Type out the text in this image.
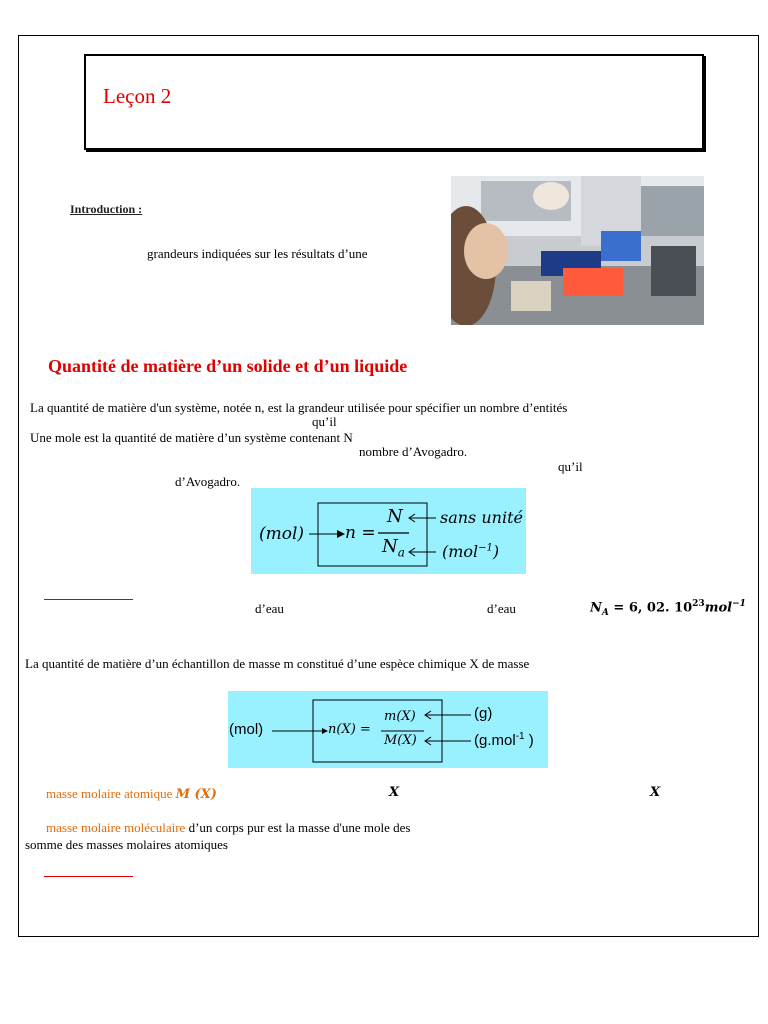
Leçon 2
Introduction :
grandeurs indiquées sur les résultats d’une
Quantité de matière d’un solide et d’un liquide
La quantité de matière d'un système, notée n, est la grandeur utilisée pour spécifier un nombre d’entités
qu’il
Une mole est la quantité de matière d’un système contenant N
nombre d’Avogadro.
qu’il
d’Avogadro.
(mol) n =
N
$N_a$
sans unité
(mol$^{-1}$)
d’eau	d’eau	$N_A = 6$, 02. $10^{23}mol^{-1}$
La quantité de matière d’un échantillon de masse m constitué d’une espèce chimique X de masse
(mol)	n(X) =
m(X)
M(X)
(g)
(g.mol$^{-1}$ )
masse molaire atomique M (X)	X	X
masse molaire moléculaire d’un corps pur est la masse d'une mole des
somme des masses molaires atomiques
